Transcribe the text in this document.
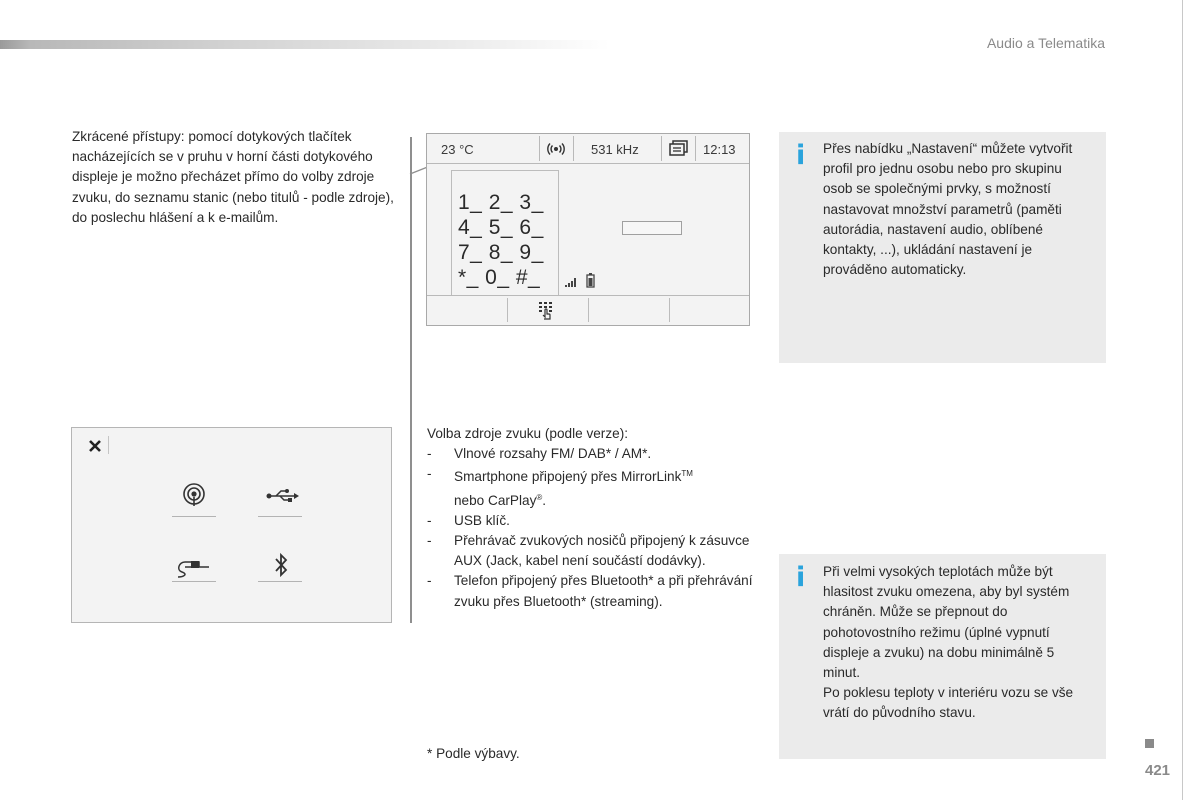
Audio a Telematika
Zkrácené přístupy: pomocí dotykových tlačítek nacházejících se v pruhu v horní části dotykového displeje je možno přecházet přímo do volby zdroje zvuku, do seznamu stanic (nebo titulů - podle zdroje), do poslechu hlášení a k e-mailům.
23 °C	531 kHz	12:13
1_ 2_ 3_
4_ 5_ 6_
7_ 8_ 9_
*_ 0_ #_
Volba zdroje zvuku (podle verze):
- Vlnové rozsahy FM/ DAB* / AM*.
- Smartphone připojený přes MirrorLink™
nebo CarPlay®.
- USB klíč.
- Přehrávač zvukových nosičů připojený k zásuvce AUX (Jack, kabel není součástí dodávky).
- Telefon připojený přes Bluetooth* a při přehrávání zvuku přes Bluetooth* (streaming).
i Přes nabídku „Nastavení“ můžete vytvořit profil pro jednu osobu nebo pro skupinu osob se společnými prvky, s možností nastavovat množství parametrů (paměti autorádia, nastavení audio, oblíbené kontakty, ...), ukládání nastavení je prováděno automaticky.
i Při velmi vysokých teplotách může být hlasitost zvuku omezena, aby byl systém chráněn. Může se přepnout do pohotovostního režimu (úplné vypnutí displeje a zvuku) na dobu minimálně 5 minut.
Po poklesu teploty v interiéru vozu se vše vrátí do původního stavu.
* Podle výbavy.
421
